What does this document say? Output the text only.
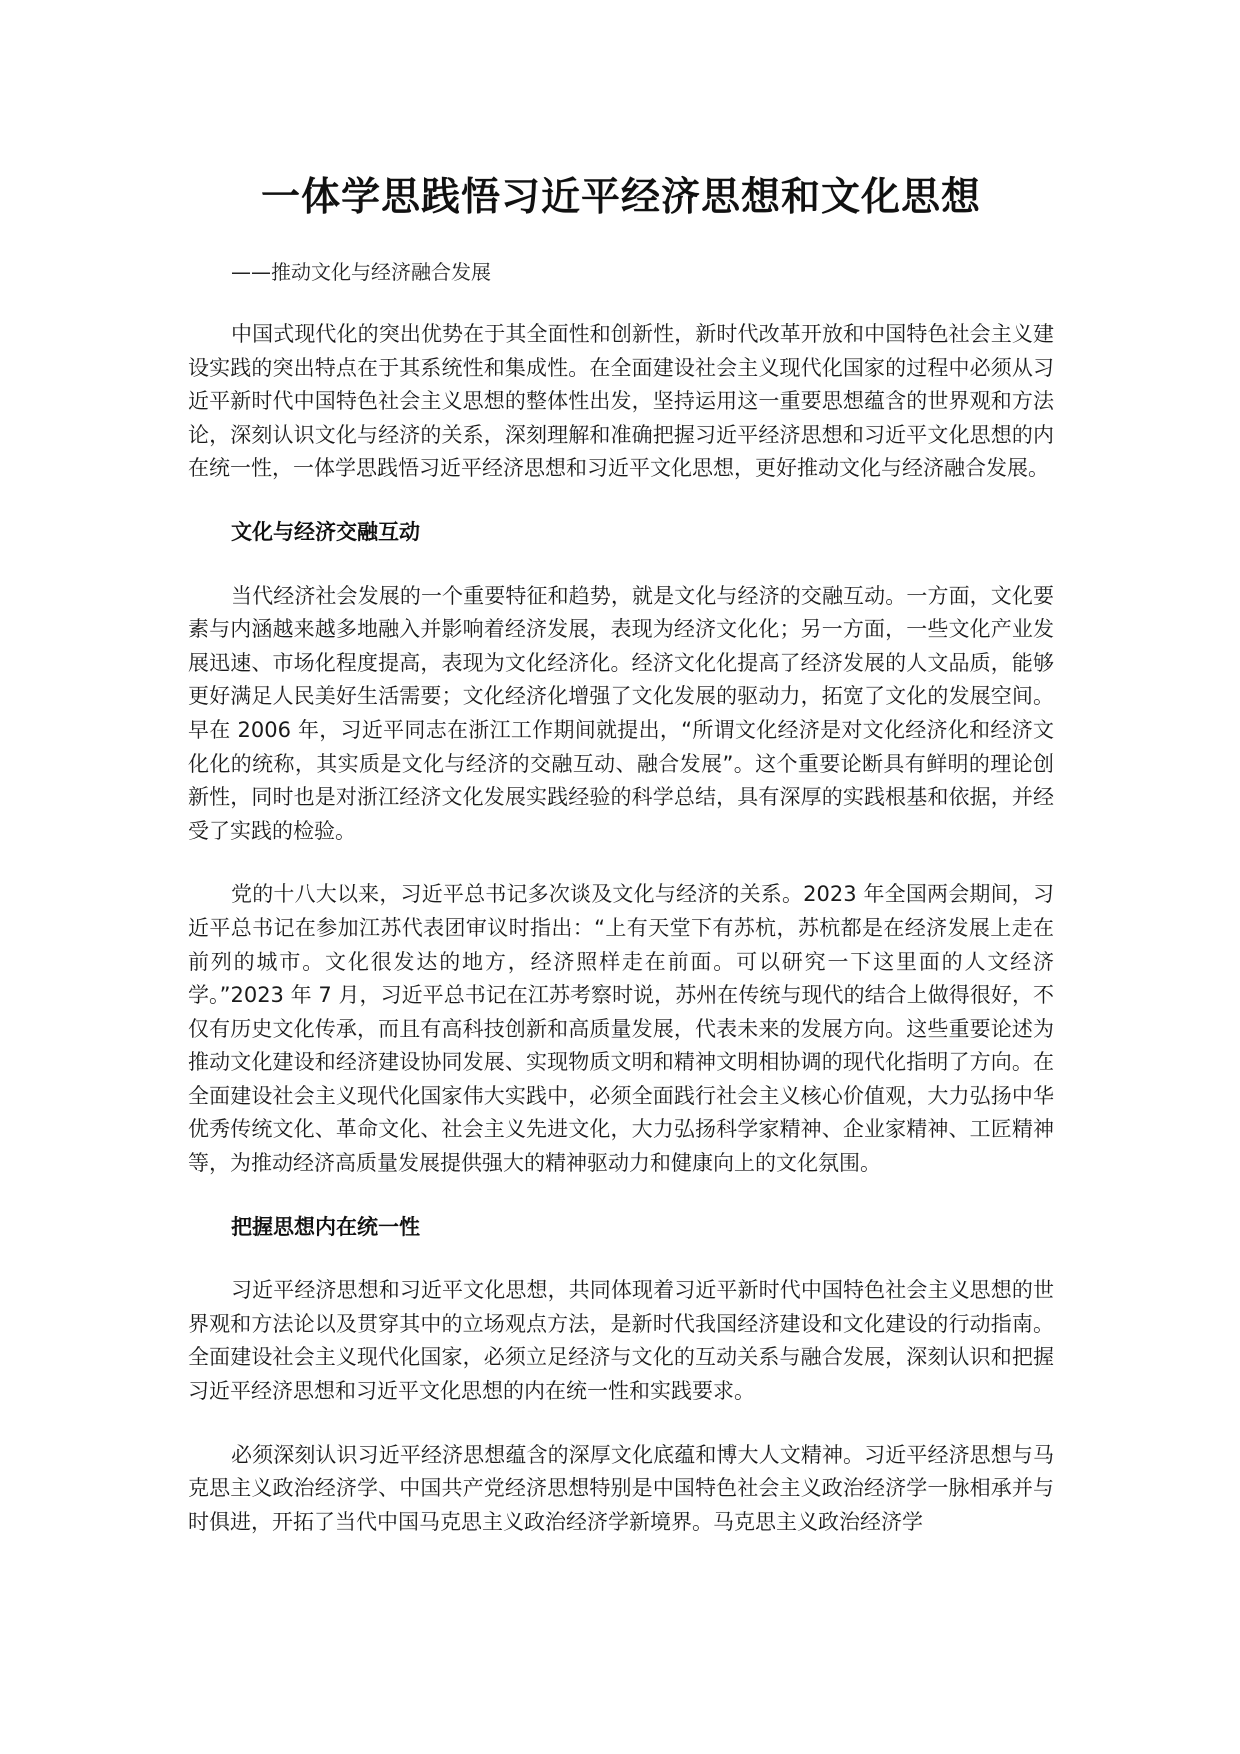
一体学思践悟习近平经济思想和文化思想

——推动文化与经济融合发展

中国式现代化的突出优势在于其全面性和创新性，新时代改革开放和中国特色社会主义建设实践的突出特点在于其系统性和集成性。在全面建设社会主义现代化国家的过程中必须从习近平新时代中国特色社会主义思想的整体性出发，坚持运用这一重要思想蕴含的世界观和方法论，深刻认识文化与经济的关系，深刻理解和准确把握习近平经济思想和习近平文化思想的内在统一性，一体学思践悟习近平经济思想和习近平文化思想，更好推动文化与经济融合发展。

文化与经济交融互动

当代经济社会发展的一个重要特征和趋势，就是文化与经济的交融互动。一方面，文化要素与内涵越来越多地融入并影响着经济发展，表现为经济文化化；另一方面，一些文化产业发展迅速、市场化程度提高，表现为文化经济化。经济文化化提高了经济发展的人文品质，能够更好满足人民美好生活需要；文化经济化增强了文化发展的驱动力，拓宽了文化的发展空间。早在 2006 年，习近平同志在浙江工作期间就提出，“所谓文化经济是对文化经济化和经济文化化的统称，其实质是文化与经济的交融互动、融合发展”。这个重要论断具有鲜明的理论创新性，同时也是对浙江经济文化发展实践经验的科学总结，具有深厚的实践根基和依据，并经受了实践的检验。

党的十八大以来，习近平总书记多次谈及文化与经济的关系。2023 年全国两会期间，习近平总书记在参加江苏代表团审议时指出：“上有天堂下有苏杭，苏杭都是在经济发展上走在前列的城市。文化很发达的地方，经济照样走在前面。可以研究一下这里面的人文经济学。”2023 年 7 月，习近平总书记在江苏考察时说，苏州在传统与现代的结合上做得很好，不仅有历史文化传承，而且有高科技创新和高质量发展，代表未来的发展方向。这些重要论述为推动文化建设和经济建设协同发展、实现物质文明和精神文明相协调的现代化指明了方向。在全面建设社会主义现代化国家伟大实践中，必须全面践行社会主义核心价值观，大力弘扬中华优秀传统文化、革命文化、社会主义先进文化，大力弘扬科学家精神、企业家精神、工匠精神等，为推动经济高质量发展提供强大的精神驱动力和健康向上的文化氛围。

把握思想内在统一性

习近平经济思想和习近平文化思想，共同体现着习近平新时代中国特色社会主义思想的世界观和方法论以及贯穿其中的立场观点方法，是新时代我国经济建设和文化建设的行动指南。全面建设社会主义现代化国家，必须立足经济与文化的互动关系与融合发展，深刻认识和把握习近平经济思想和习近平文化思想的内在统一性和实践要求。

必须深刻认识习近平经济思想蕴含的深厚文化底蕴和博大人文精神。习近平经济思想与马克思主义政治经济学、中国共产党经济思想特别是中国特色社会主义政治经济学一脉相承并与时俱进，开拓了当代中国马克思主义政治经济学新境界。马克思主义政治经济学
